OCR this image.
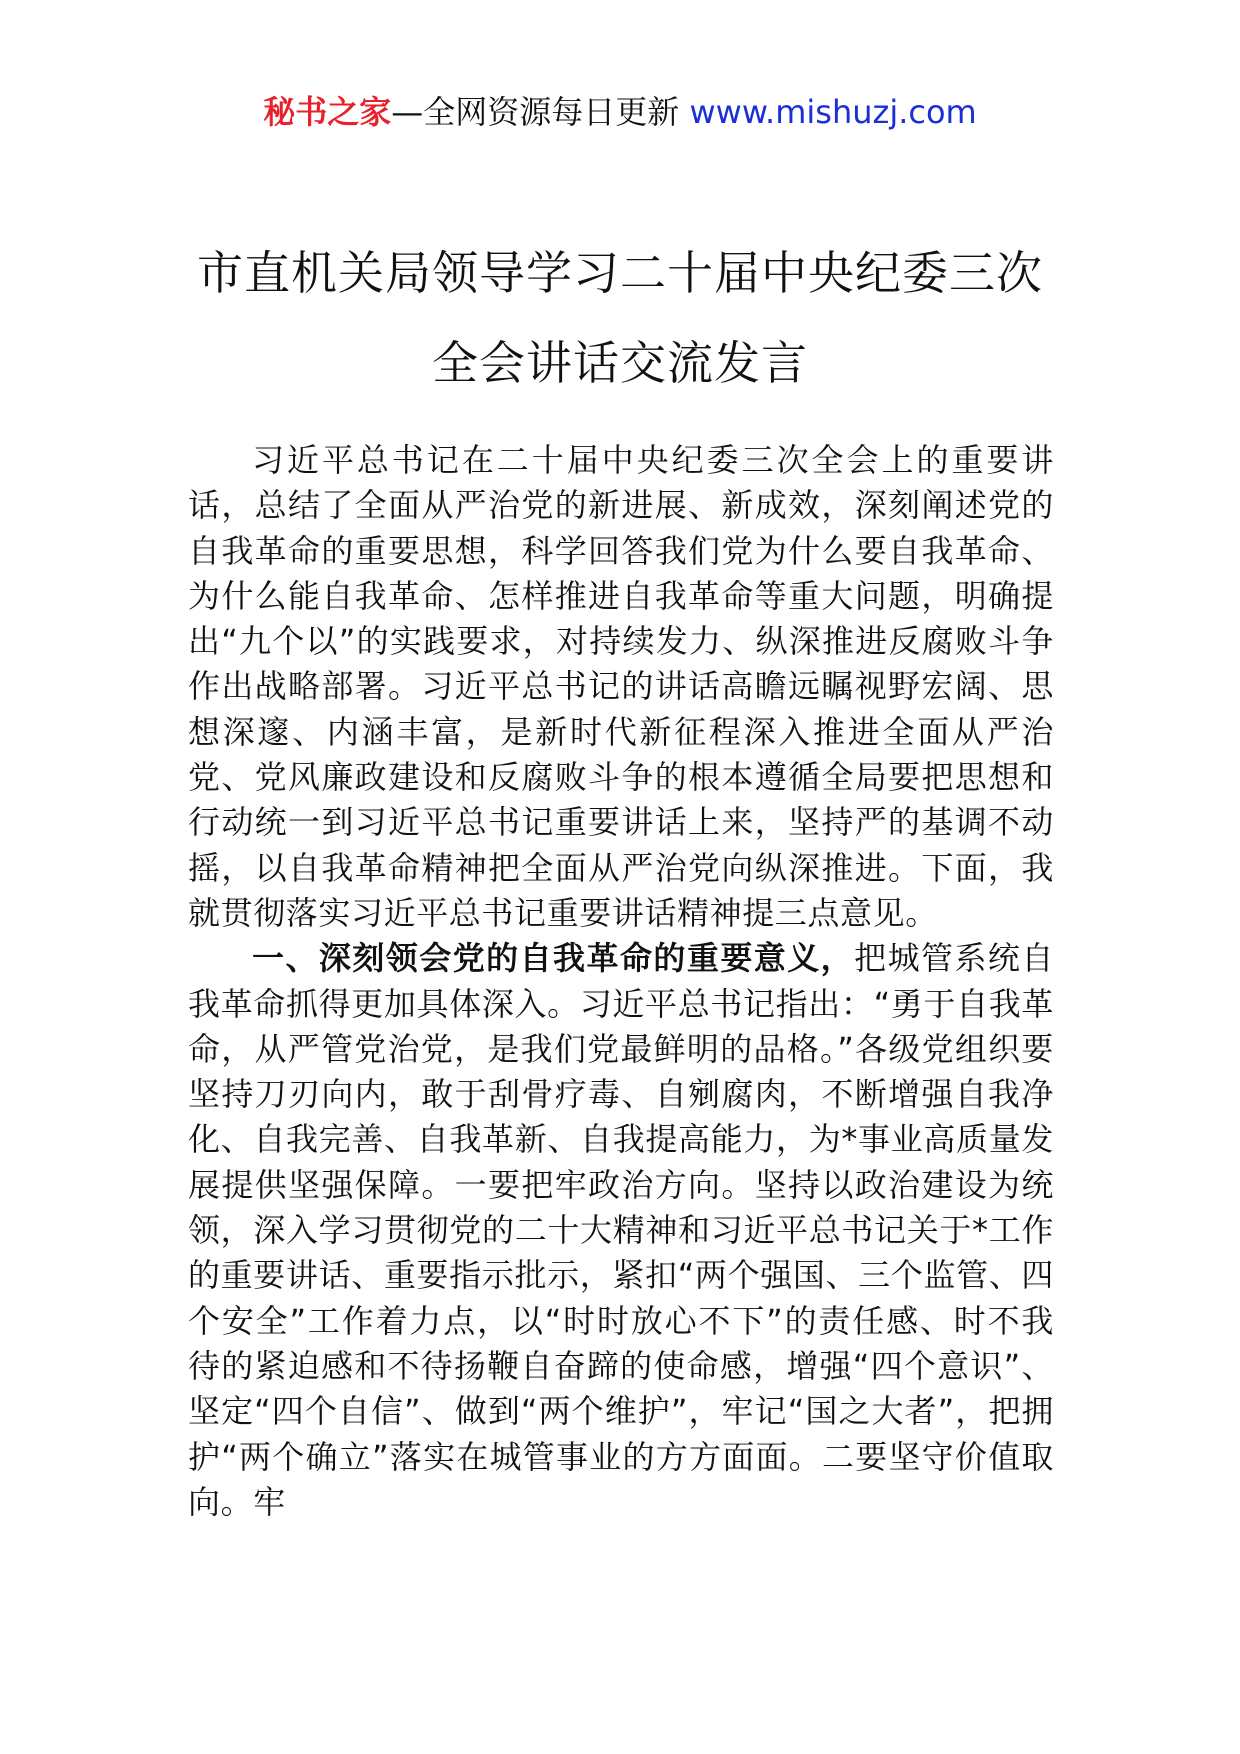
秘书之家—全网资源每日更新 www.mishuzj.com
市直机关局领导学习二十届中央纪委三次
全会讲话交流发言

习近平总书记在二十届中央纪委三次全会上的重要讲话，总结了全面从严治党的新进展、新成效，深刻阐述党的自我革命的重要思想，科学回答我们党为什么要自我革命、为什么能自我革命、怎样推进自我革命等重大问题，明确提出“九个以”的实践要求，对持续发力、纵深推进反腐败斗争作出战略部署。习近平总书记的讲话高瞻远瞩视野宏阔、思想深邃、内涵丰富，是新时代新征程深入推进全面从严治党、党风廉政建设和反腐败斗争的根本遵循全局要把思想和行动统一到习近平总书记重要讲话上来，坚持严的基调不动摇，以自我革命精神把全面从严治党向纵深推进。下面，我就贯彻落实习近平总书记重要讲话精神提三点意见。

一、深刻领会党的自我革命的重要意义，把城管系统自我革命抓得更加具体深入。习近平总书记指出：“勇于自我革命，从严管党治党，是我们党最鲜明的品格。”各级党组织要坚持刀刃向内，敢于刮骨疗毒、自剜腐肉，不断增强自我净化、自我完善、自我革新、自我提高能力，为*事业高质量发展提供坚强保障。一要把牢政治方向。坚持以政治建设为统领，深入学习贯彻党的二十大精神和习近平总书记关于*工作的重要讲话、重要指示批示，紧扣“两个强国、三个监管、四个安全”工作着力点，以“时时放心不下”的责任感、时不我待的紧迫感和不待扬鞭自奋蹄的使命感，增强“四个意识”、坚定“四个自信”、做到“两个维护”，牢记“国之大者”，把拥护“两个确立”落实在城管事业的方方面面。二要坚守价值取向。牢
